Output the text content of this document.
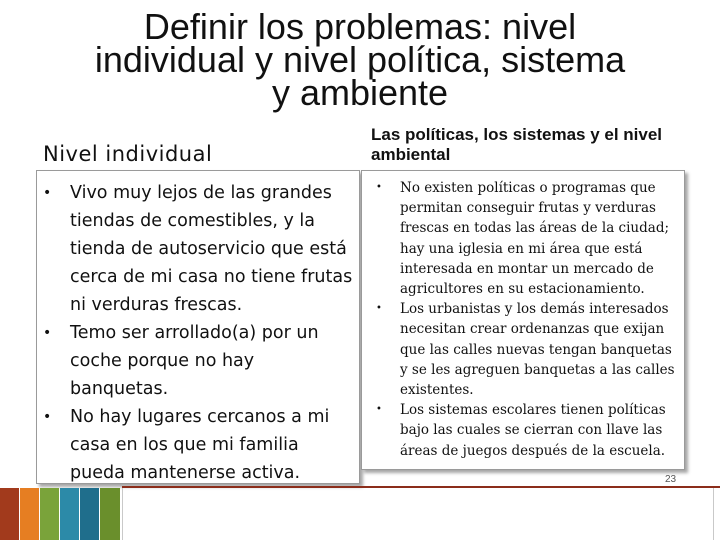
Definir los problemas: nivel individual y nivel política, sistema y ambiente
Nivel individual
Las políticas, los sistemas y el nivel ambiental
• Vivo muy lejos de las grandes tiendas de comestibles, y la tienda de autoservicio que está cerca de mi casa no tiene frutas ni verduras frescas.
• Temo ser arrollado(a) por un coche porque no hay banquetas.
• No hay lugares cercanos a mi casa en los que mi familia pueda mantenerse activa.
• No existen políticas o programas que permitan conseguir frutas y verduras frescas en todas las áreas de la ciudad; hay una iglesia en mi área que está interesada en montar un mercado de agricultores en su estacionamiento.
• Los urbanistas y los demás interesados necesitan crear ordenanzas que exijan que las calles nuevas tengan banquetas y se les agreguen banquetas a las calles existentes.
• Los sistemas escolares tienen políticas bajo las cuales se cierran con llave las áreas de juegos después de la escuela.
23
